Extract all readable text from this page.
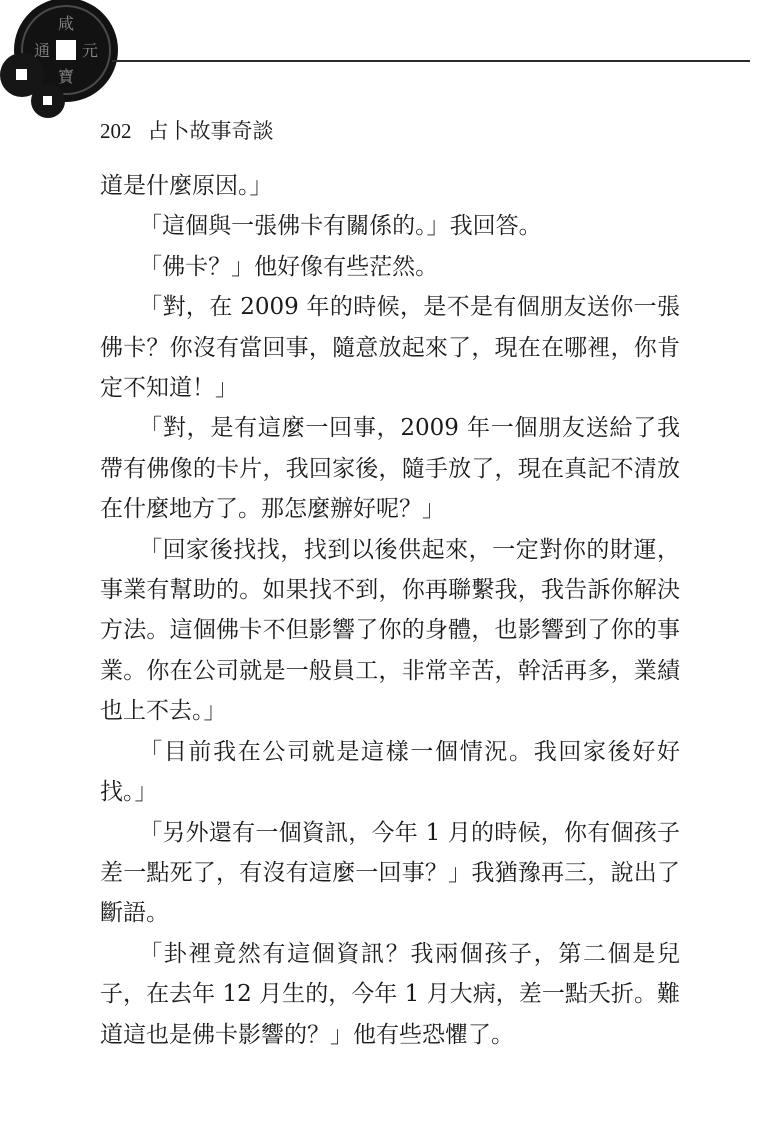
咸
元
通
寶
202 占卜故事奇談

道是什麼原因。」

「這個與一張佛卡有關係的。」我回答。

「佛卡？」他好像有些茫然。

「對，在 2009 年的時候，是不是有個朋友送你一張佛卡？你沒有當回事，隨意放起來了，現在在哪裡，你肯定不知道！」

「對，是有這麼一回事，2009 年一個朋友送給了我帶有佛像的卡片，我回家後，隨手放了，現在真記不清放在什麼地方了。那怎麼辦好呢？」

「回家後找找，找到以後供起來，一定對你的財運，事業有幫助的。如果找不到，你再聯繫我，我告訴你解決方法。這個佛卡不但影響了你的身體，也影響到了你的事業。你在公司就是一般員工，非常辛苦，幹活再多，業績也上不去。」

「目前我在公司就是這樣一個情況。我回家後好好找。」

「另外還有一個資訊，今年 1 月的時候，你有個孩子差一點死了，有沒有這麼一回事？」我猶豫再三，說出了斷語。

「卦裡竟然有這個資訊？我兩個孩子，第二個是兒子，在去年 12 月生的，今年 1 月大病，差一點夭折。難道這也是佛卡影響的？」他有些恐懼了。
